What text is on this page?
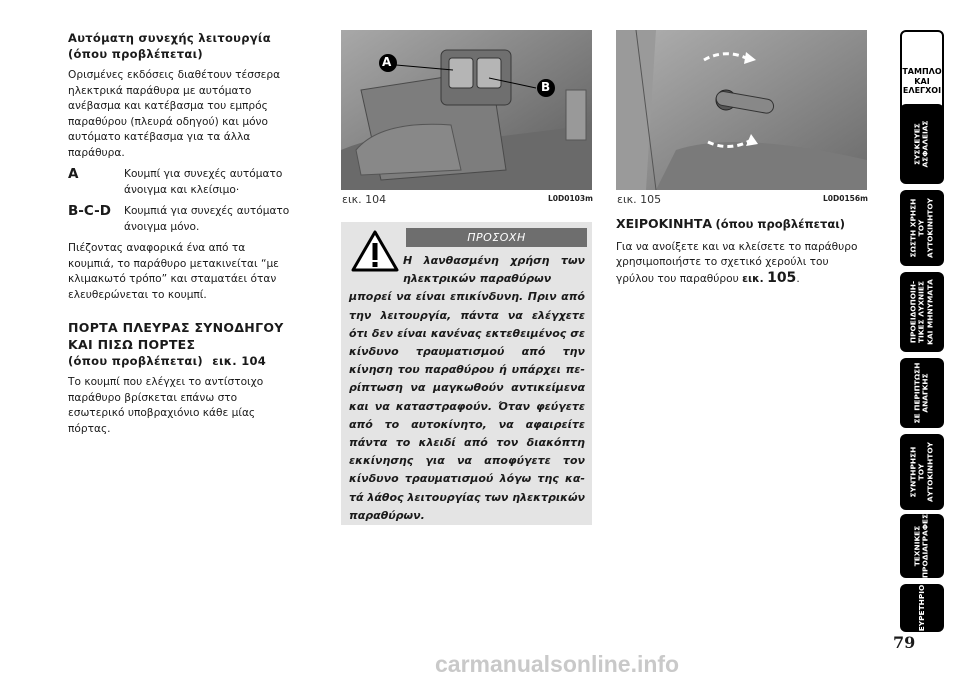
Αυτόματη συνεχής λειτουργία
(όπου προβλέπεται)

Ορισμένες εκδόσεις διαθέτουν τέσσερα ηλεκτρικά παράθυρα με αυτόματο ανέβασμα και κατέβασμα του εμπρός παραθύρου (πλευρά οδηγού) και μόνο αυτόματο κατέβασμα για τα άλλα παράθυρα.

A	Κουμπί για συνεχές αυτόματο άνοιγμα και κλείσιμο·
B-C-D	Κουμπιά για συνεχές αυτόματο άνοιγμα μόνο.

Πιέζοντας αναφορικά ένα από τα κουμπιά, το παράθυρο μετακινείται “με κλιμακωτό τρόπο” και σταματάει όταν ελευθερώνεται το κουμπί.

ΠΟΡΤΑ ΠΛΕΥΡΑΣ ΣΥΝΟΔΗΓΟΥ
ΚΑΙ ΠΙΣΩ ΠΟΡΤΕΣ
(όπου προβλέπεται) εικ. 104

Το κουμπί που ελέγχει το αντίστοιχο παράθυρο βρίσκεται επάνω στο εσωτερικό υποβραχιόνιο κάθε μίας πόρτας.

A
B
εικ. 104	L0D0103m εικ. 105	L0D0156m
ΠΡΟΣΟΧΗ
Η λανθασμένη χρήση των ηλεκτρικών παραθύρων
μπορεί να είναι επικίνδυνη. Πριν από την λειτουργία, πάντα να ελέγχετε ότι δεν είναι κανένας εκτεθειμένος σε κίνδυνο τραυματισμού από την κίνηση του παραθύρου ή υπάρχει περίπτωση να μαγκωθούν αντικείμενα και να καταστραφούν. Όταν φεύγετε από το αυτοκίνητο, να αφαιρείτε πάντα το κλειδί από τον διακόπτη εκκίνησης για να αποφύγετε τον κίνδυνο τραυματισμού λόγω της κατά λάθος λειτουργίας των ηλεκτρικών παραθύρων.
ΧΕΙΡΟΚΙΝΗΤΑ (όπου προβλέπεται)
Για να ανοίξετε και να κλείσετε το παράθυρο χρησιμοποιήστε το σχετικό χερούλι του γρύλου του παραθύρου εικ. 105.
ΤΑΜΠΛΟ
ΚΑΙ
ΕΛΕΓΧΟΙ
ΣΥΣΚΕΥΕΣ
ΑΣΦΑΛΕΙΑΣ
ΣΩΣΤΗ ΧΡΗΣΗ
ΤΟΥ
ΑΥΤΟΚΙΝΗΤΟΥ
ΠΡΟΕΙΔΟΠΟΙΗ-
ΤΙΚΕΣ ΛΥΧΝΙΕΣ
ΚΑΙ ΜΗΝΥΜΑΤΑ
ΣΕ ΠΕΡΙΠΤΩΣΗ
ΑΝΑΓΚΗΣ
ΣΥΝΤΗΡΗΣΗ
ΤΟΥ
ΑΥΤΟΚΙΝΗΤΟΥ
ΤΕΧΝΙΚΕΣ
ΠΡΟΔΙΑΓΡΑΦΕΣ
ΕΥΡΕΤΗΡΙΟ
79
carmanualsonline.info
